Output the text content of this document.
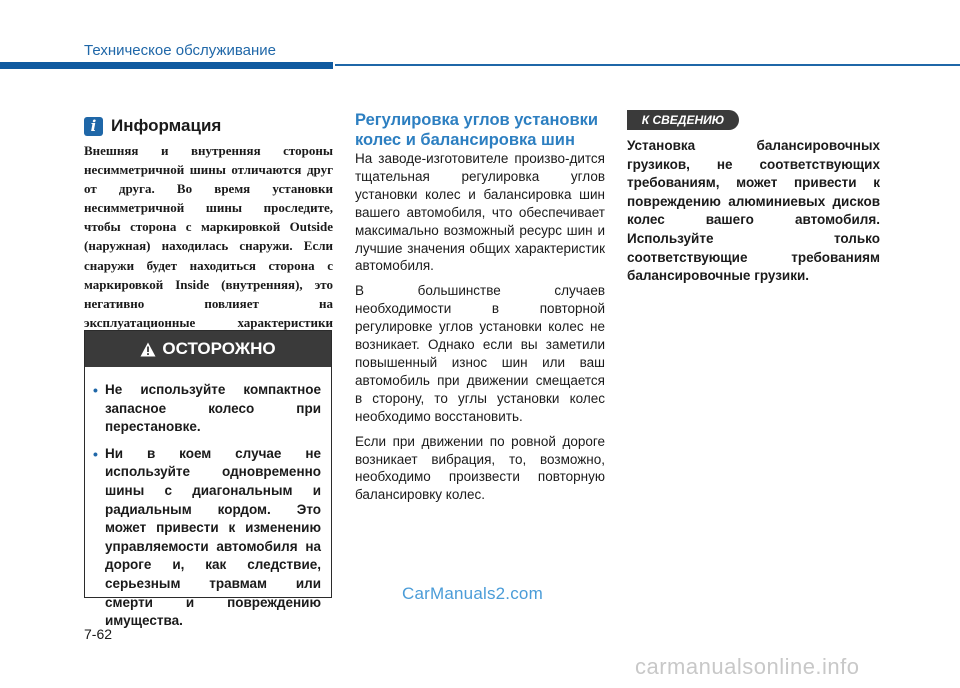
Техническое обслуживание
i Информация
Внешняя и внутренняя стороны несимметричной шины отличаются друг от друга. Во время установки несимметричной шины проследите, чтобы сторона с маркировкой Outside (наружная) находилась снаружи. Если снаружи будет находиться сторона с маркировкой Inside (внутренняя), это негативно повлияет на эксплуатационные характеристики
ОСТОРОЖНО
• Не используйте компактное запасное колесо при перестановке.
• Ни в коем случае не используйте одновременно шины с диагональным и радиальным кордом. Это может привести к изменению управляемости автомобиля на дороге и, как следствие, серьезным травмам или смерти и повреждению имущества.
Регулировка углов установки колес и балансировка шин

На заводе-изготовителе произво-дится тщательная регулировка углов установки колес и балансировка шин вашего автомобиля, что обеспечивает максимально возможный ресурс шин и лучшие значения общих характеристик автомобиля.

В большинстве случаев необходимости в повторной регулировке углов установки колес не возникает. Однако если вы заметили повышенный износ шин или ваш автомобиль при движении смещается в сторону, то углы установки колес необходимо восстановить.

Если при движении по ровной дороге возникает вибрация, то, возможно, необходимо произвести повторную балансировку колес.

К СВЕДЕНИЮ
Установка балансировочных грузиков, не соответствующих требованиям, может привести к повреждению алюминиевых дисков колес вашего автомобиля. Используйте только соответствующие требованиям балансировочные грузики.
CarManuals2.com
7-62
carmanualsonline.info
